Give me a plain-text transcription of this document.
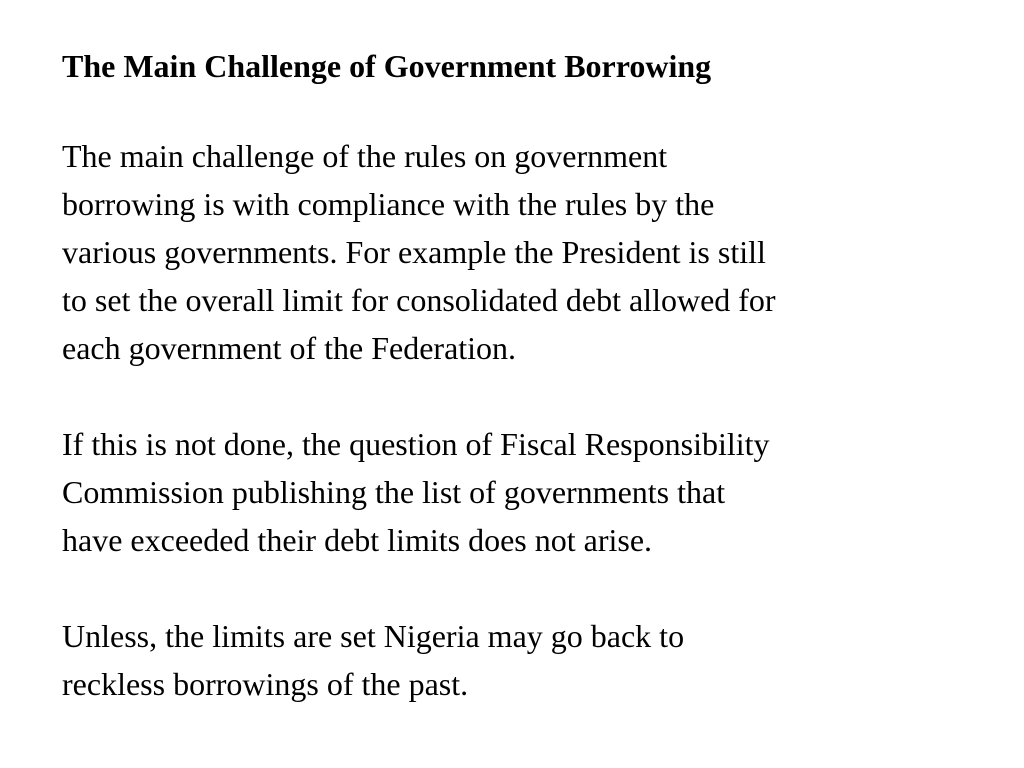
The Main Challenge of Government Borrowing
The main challenge of the rules on government
borrowing is with compliance with the rules by the
various governments. For example the President is still
to set the overall limit for consolidated debt allowed for
each government of the Federation.
If this is not done, the question of Fiscal Responsibility
Commission publishing the list of governments that
have exceeded their debt limits does not arise.
Unless, the limits are set Nigeria may go back to
reckless borrowings of the past.
